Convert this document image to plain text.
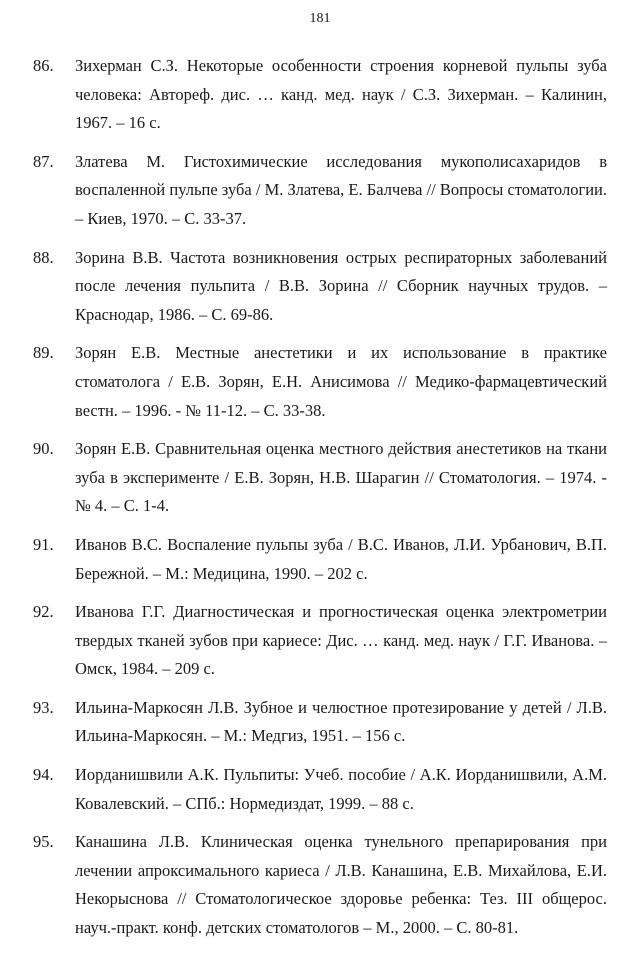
181
86.	Зихерман С.З. Некоторые особенности строения корневой пульпы зуба человека: Автореф. дис. … канд. мед. наук / С.З. Зихерман. – Калинин, 1967. – 16 с.
87.	Златева М. Гистохимические исследования мукополисахаридов в воспаленной пульпе зуба / М. Златева, Е. Балчева // Вопросы стоматологии. – Киев, 1970. – С. 33-37.
88.	Зорина В.В. Частота возникновения острых респираторных заболеваний после лечения пульпита / В.В. Зорина // Сборник научных трудов. – Краснодар, 1986. – С. 69-86.
89.	Зорян Е.В. Местные анестетики и их использование в практике стоматолога / Е.В. Зорян, Е.Н. Анисимова // Медико-фармацевтический вестн. – 1996. - № 11-12. – С. 33-38.
90.	Зорян Е.В. Сравнительная оценка местного действия анестетиков на ткани зуба в эксперименте / Е.В. Зорян, Н.В. Шарагин // Стоматология. – 1974. - № 4. – С. 1-4.
91.	Иванов В.С. Воспаление пульпы зуба / В.С. Иванов, Л.И. Урбанович, В.П. Бережной. – М.: Медицина, 1990. – 202 с.
92.	Иванова Г.Г. Диагностическая и прогностическая оценка электрометрии твердых тканей зубов при кариесе: Дис. … канд. мед. наук / Г.Г. Иванова. – Омск, 1984. – 209 с.
93.	Ильина-Маркосян Л.В. Зубное и челюстное протезирование у детей / Л.В. Ильина-Маркосян. – М.: Медгиз, 1951. – 156 с.
94.	Иорданишвили А.К. Пульпиты: Учеб. пособие / А.К. Иорданишвили, А.М. Ковалевский. – СПб.: Нормедиздат, 1999. – 88 с.
95.	Канашина Л.В. Клиническая оценка тунельного препарирования при лечении апроксимального кариеса / Л.В. Канашина, Е.В. Михайлова, Е.И. Некорыснова // Стоматологическое здоровье ребенка: Тез. III общерос. науч.-практ. конф. детских стоматологов – М., 2000. – С. 80-81.
